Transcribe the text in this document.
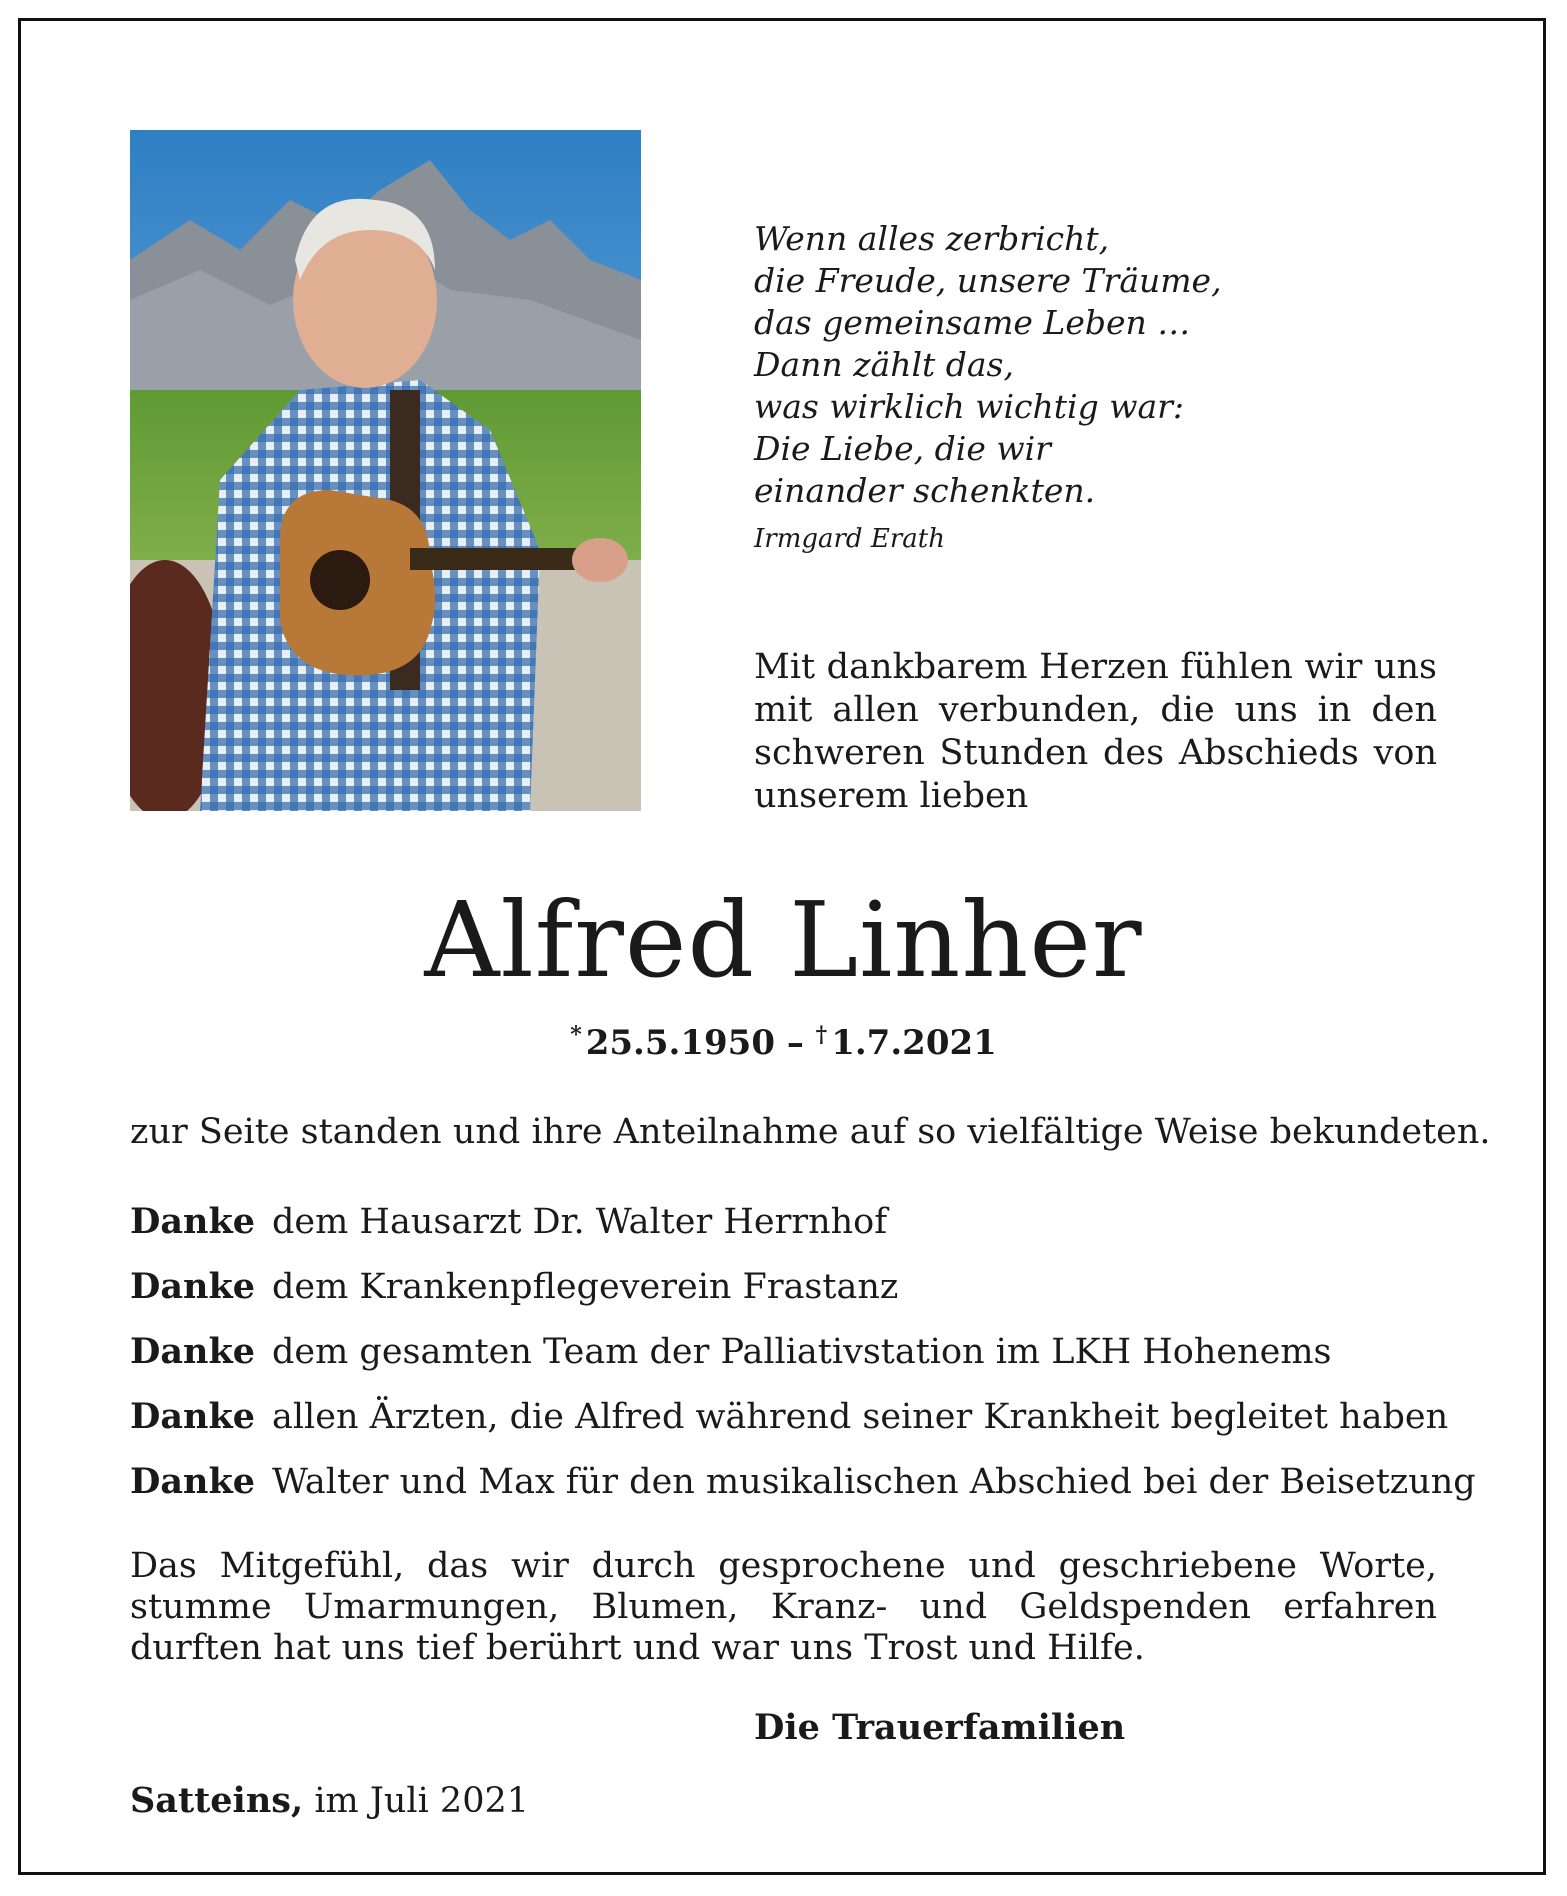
Wenn alles zerbricht,
die Freude, unsere Träume,
das gemeinsame Leben …
Dann zählt das,
was wirklich wichtig war:
Die Liebe, die wir
einander schenkten.
Irmgard Erath
Mit dankbarem Herzen fühlen wir uns mit allen verbunden, die uns in den schweren Stunden des Abschieds von unserem lieben
Alfred Linher
* 25.5.1950 – † 1.7.2021
zur Seite standen und ihre Anteilnahme auf so vielfältige Weise bekundeten.
Danke dem Hausarzt Dr. Walter Herrnhof
Danke dem Krankenpflegeverein Frastanz
Danke dem gesamten Team der Palliativstation im LKH Hohenems
Danke allen Ärzten, die Alfred während seiner Krankheit begleitet haben
Danke Walter und Max für den musikalischen Abschied bei der Beisetzung
Das Mitgefühl, das wir durch gesprochene und geschriebene Worte, stumme Umarmungen, Blumen, Kranz- und Geldspenden erfahren durften hat uns tief berührt und war uns Trost und Hilfe.
Die Trauerfamilien
Satteins, im Juli 2021
